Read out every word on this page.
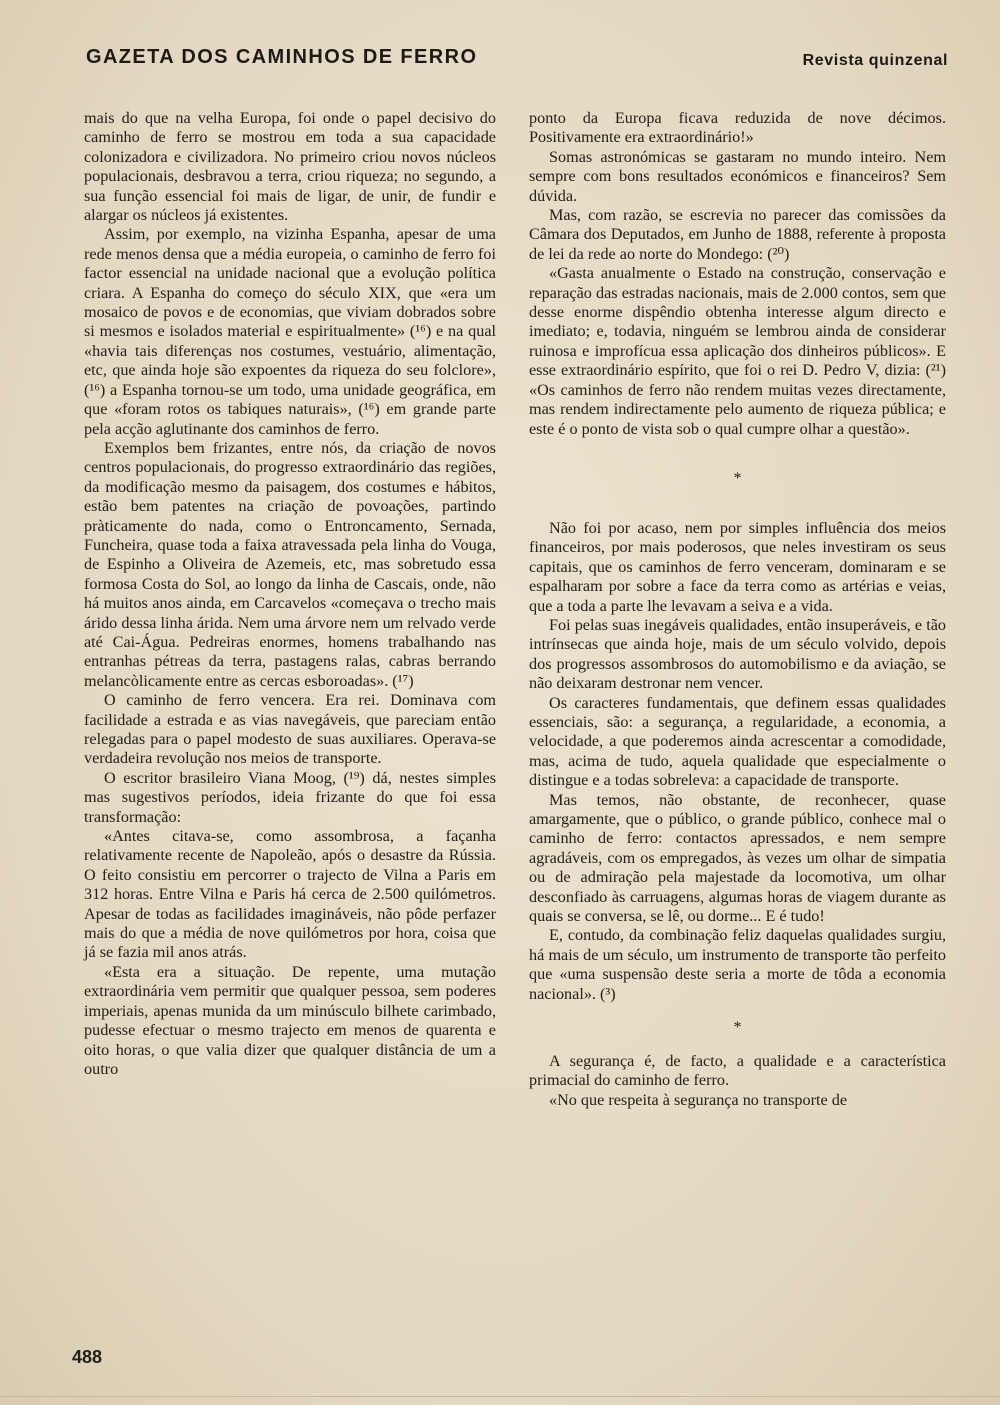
GAZETA DOS CAMINHOS DE FERRO	Revista quinzenal

mais do que na velha Europa, foi onde o papel decisivo do caminho de ferro se mostrou em toda a sua capacidade colonizadora e civilizadora. No primeiro criou novos núcleos populacionais, desbravou a terra, criou riqueza; no segundo, a sua função essencial foi mais de ligar, de unir, de fundir e alargar os núcleos já existentes.

Assim, por exemplo, na vizinha Espanha, apesar de uma rede menos densa que a média europeia, o caminho de ferro foi factor essencial na unidade nacional que a evolução política criara. A Espanha do começo do século XIX, que «era um mosaico de povos e de economias, que viviam dobrados sobre si mesmos e isolados material e espiritualmente» (¹⁶) e na qual «havia tais diferenças nos costumes, vestuário, alimentação, etc, que ainda hoje são expoentes da riqueza do seu folclore», (¹⁶) a Espanha tornou-se um todo, uma unidade geográfica, em que «foram rotos os tabiques naturais», (¹⁶) em grande parte pela acção aglutinante dos caminhos de ferro.

Exemplos bem frizantes, entre nós, da criação de novos centros populacionais, do progresso extraordinário das regiões, da modificação mesmo da paisagem, dos costumes e hábitos, estão bem patentes na criação de povoações, partindo pràticamente do nada, como o Entroncamento, Sernada, Funcheira, quase toda a faixa atravessada pela linha do Vouga, de Espinho a Oliveira de Azemeis, etc, mas sobretudo essa formosa Costa do Sol, ao longo da linha de Cascais, onde, não há muitos anos ainda, em Carcavelos «começava o trecho mais árido dessa linha árida. Nem uma árvore nem um relvado verde até Cai-Água. Pedreiras enormes, homens trabalhando nas entranhas pétreas da terra, pastagens ralas, cabras berrando melancòlicamente entre as cercas esboroadas». (¹⁷)

O caminho de ferro vencera. Era rei. Dominava com facilidade a estrada e as vias navegáveis, que pareciam então relegadas para o papel modesto de suas auxiliares. Operava-se verdadeira revolução nos meios de transporte.

O escritor brasileiro Viana Moog, (¹⁹) dá, nestes simples mas sugestivos períodos, ideia frizante do que foi essa transformação:

«Antes citava-se, como assombrosa, a façanha relativamente recente de Napoleão, após o desastre da Rússia. O feito consistiu em percorrer o trajecto de Vilna a Paris em 312 horas. Entre Vilna e Paris há cerca de 2.500 quilómetros. Apesar de todas as facilidades imagináveis, não pôde perfazer mais do que a média de nove quilómetros por hora, coisa que já se fazia mil anos atrás.

«Esta era a situação. De repente, uma mutação extraordinária vem permitir que qualquer pessoa, sem poderes imperiais, apenas munida da um minúsculo bilhete carimbado, pudesse efectuar o mesmo trajecto em menos de quarenta e oito horas, o que valia dizer que qualquer distância de um a outro

ponto da Europa ficava reduzida de nove décimos. Positivamente era extraordinário!»

Somas astronómicas se gastaram no mundo inteiro. Nem sempre com bons resultados económicos e financeiros? Sem dúvida.

Mas, com razão, se escrevia no parecer das comissões da Câmara dos Deputados, em Junho de 1888, referente à proposta de lei da rede ao norte do Mondego: (²⁰)

«Gasta anualmente o Estado na construção, conservação e reparação das estradas nacionais, mais de 2.000 contos, sem que desse enorme dispêndio obtenha interesse algum directo e imediato; e, todavia, ninguém se lembrou ainda de considerar ruinosa e improfícua essa aplicação dos dinheiros públicos». E esse extraordinário espírito, que foi o rei D. Pedro V, dizia: (²¹) «Os caminhos de ferro não rendem muitas vezes directamente, mas rendem indirectamente pelo aumento de riqueza pública; e este é o ponto de vista sob o qual cumpre olhar a questão».

*

Não foi por acaso, nem por simples influência dos meios financeiros, por mais poderosos, que neles investiram os seus capitais, que os caminhos de ferro venceram, dominaram e se espalharam por sobre a face da terra como as artérias e veias, que a toda a parte lhe levavam a seiva e a vida.

Foi pelas suas inegáveis qualidades, então insuperáveis, e tão intrínsecas que ainda hoje, mais de um século volvido, depois dos progressos assombrosos do automobilismo e da aviação, se não deixaram destronar nem vencer.

Os caracteres fundamentais, que definem essas qualidades essenciais, são: a segurança, a regularidade, a economia, a velocidade, a que poderemos ainda acrescentar a comodidade, mas, acima de tudo, aquela qualidade que especialmente o distingue e a todas sobreleva: a capacidade de transporte.

Mas temos, não obstante, de reconhecer, quase amargamente, que o público, o grande público, conhece mal o caminho de ferro: contactos apressados, e nem sempre agradáveis, com os empregados, às vezes um olhar de simpatia ou de admiração pela majestade da locomotiva, um olhar desconfiado às carruagens, algumas horas de viagem durante as quais se conversa, se lê, ou dorme... E é tudo!

E, contudo, da combinação feliz daquelas qualidades surgiu, há mais de um século, um instrumento de transporte tão perfeito que «uma suspensão deste seria a morte de tôda a economia nacional». (³)

*

A segurança é, de facto, a qualidade e a característica primacial do caminho de ferro.

«No que respeita à segurança no transporte de

488
